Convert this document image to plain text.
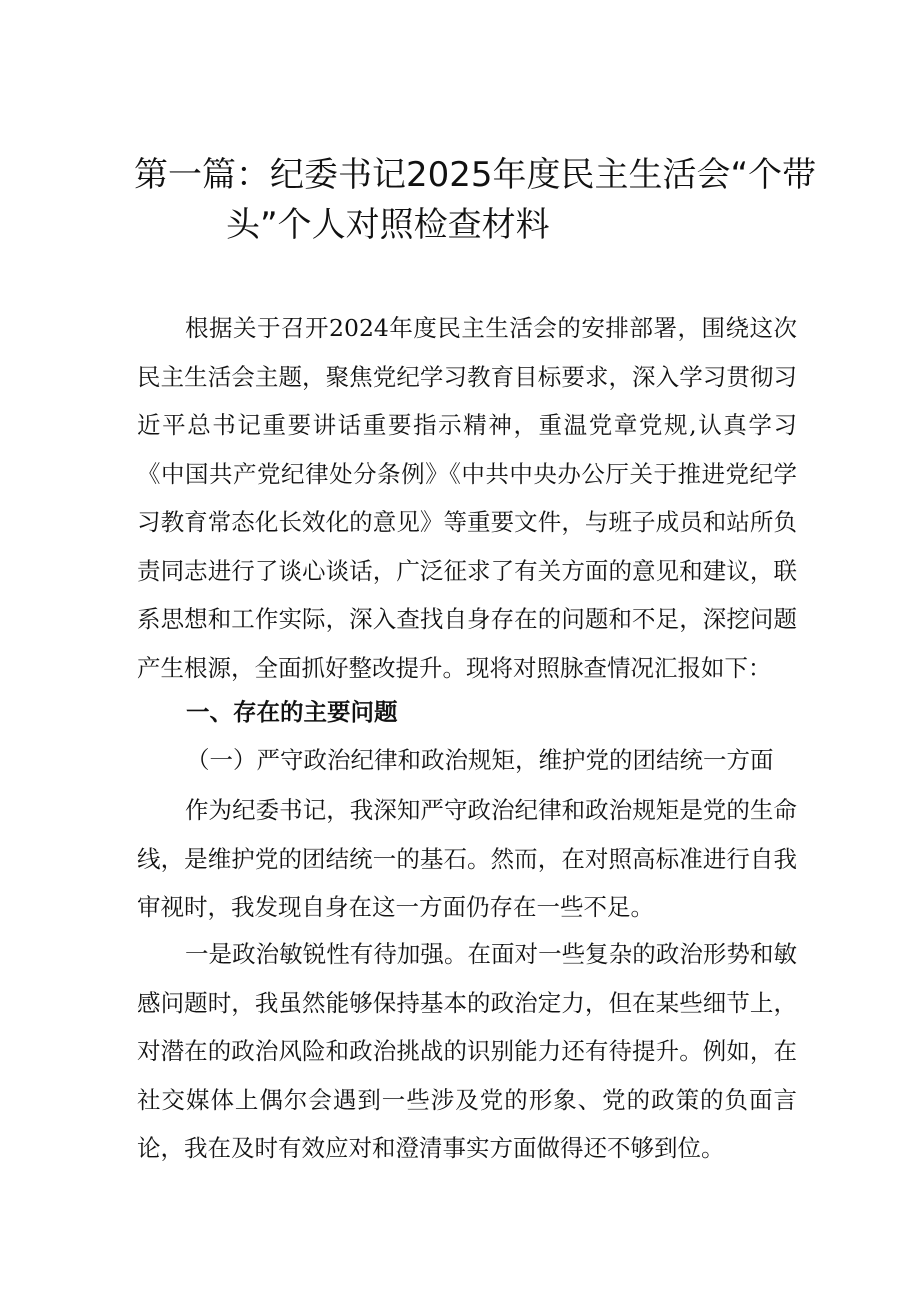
第一篇：纪委书记2025年度民主生活会“个带
头”个人对照检查材料

根据关于召开2024年度民主生活会的安排部署，围绕这次民主生活会主题，聚焦党纪学习教育目标要求，深入学习贯彻习近平总书记重要讲话重要指示精神，重温党章党规,认真学习《中国共产党纪律处分条例》《中共中央办公厅关于推进党纪学习教育常态化长效化的意见》等重要文件，与班子成员和站所负责同志进行了谈心谈话，广泛征求了有关方面的意见和建议，联系思想和工作实际，深入查找自身存在的问题和不足，深挖问题产生根源，全面抓好整改提升。现将对照脉查情况汇报如下：

一、存在的主要问题

（一）严守政治纪律和政治规矩，维护党的团结统一方面

作为纪委书记，我深知严守政治纪律和政治规矩是党的生命线，是维护党的团结统一的基石。然而，在对照高标准进行自我审视时，我发现自身在这一方面仍存在一些不足。

一是政治敏锐性有待加强。在面对一些复杂的政治形势和敏感问题时，我虽然能够保持基本的政治定力，但在某些细节上，对潜在的政治风险和政治挑战的识别能力还有待提升。例如，在社交媒体上偶尔会遇到一些涉及党的形象、党的政策的负面言论，我在及时有效应对和澄清事实方面做得还不够到位。
